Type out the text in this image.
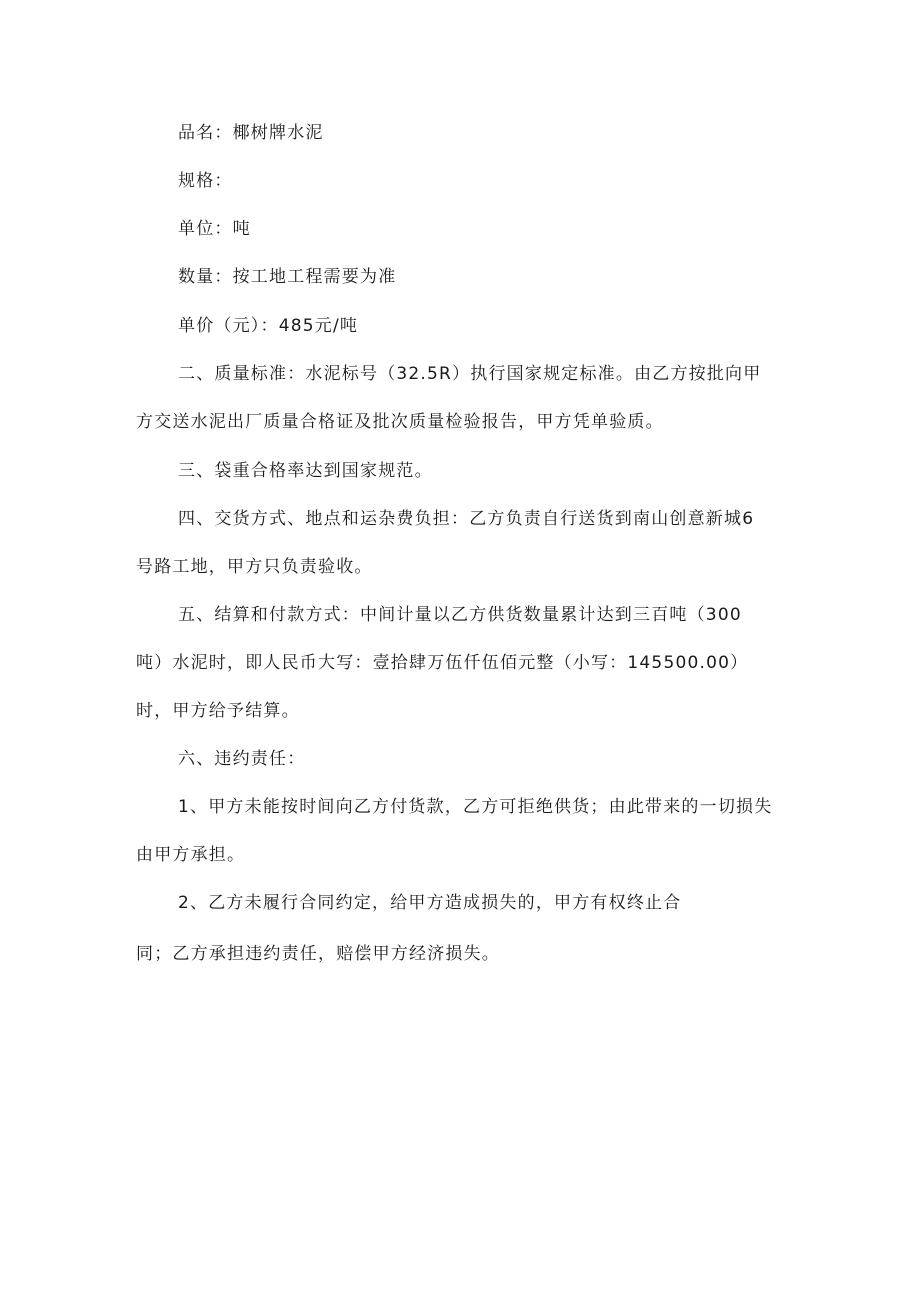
品名：椰树牌水泥
规格：
单位：吨
数量：按工地工程需要为准
单价（元）：485元/吨
二、质量标准：水泥标号（32.5R）执行国家规定标准。由乙方按批向甲
方交送水泥出厂质量合格证及批次质量检验报告，甲方凭单验质。
三、袋重合格率达到国家规范。
四、交货方式、地点和运杂费负担：乙方负责自行送货到南山创意新城6
号路工地，甲方只负责验收。
五、结算和付款方式：中间计量以乙方供货数量累计达到三百吨（300
吨）水泥时，即人民币大写：壹拾肆万伍仟伍佰元整（小写：145500.00）
时，甲方给予结算。
六、违约责任：
1、甲方未能按时间向乙方付货款，乙方可拒绝供货；由此带来的一切损失
由甲方承担。
2、乙方未履行合同约定，给甲方造成损失的，甲方有权终止合
同；乙方承担违约责任，赔偿甲方经济损失。
